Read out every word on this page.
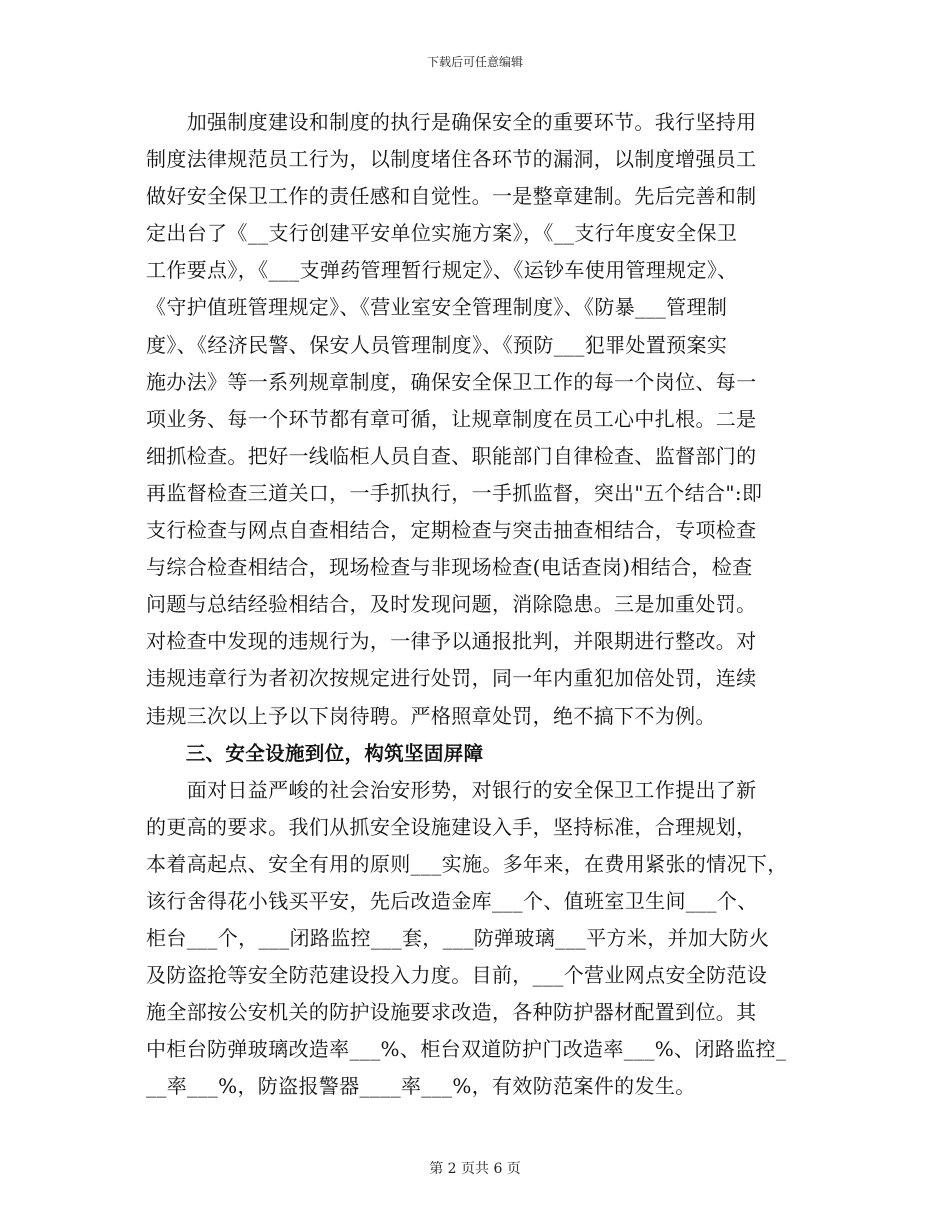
下载后可任意编辑
　　加强制度建设和制度的执行是确保安全的重要环节。我行坚持用
制度法律规范员工行为，以制度堵住各环节的漏洞，以制度增强员工
做好安全保卫工作的责任感和自觉性。一是整章建制。先后完善和制
定出台了《__支行创建平安单位实施方案》，《__支行年度安全保卫
工作要点》，《___支弹药管理暂行规定》、《运钞车使用管理规定》、
《守护值班管理规定》、《营业室安全管理制度》、《防暴___管理制
度》、《经济民警、保安人员管理制度》、《预防___犯罪处置预案实
施办法》等一系列规章制度，确保安全保卫工作的每一个岗位、每一
项业务、每一个环节都有章可循，让规章制度在员工心中扎根。二是
细抓检查。把好一线临柜人员自查、职能部门自律检查、监督部门的
再监督检查三道关口，一手抓执行，一手抓监督，突出"五个结合":即
支行检查与网点自查相结合，定期检查与突击抽查相结合，专项检查
与综合检查相结合，现场检查与非现场检查(电话查岗)相结合，检查
问题与总结经验相结合，及时发现问题，消除隐患。三是加重处罚。
对检查中发现的违规行为，一律予以通报批判，并限期进行整改。对
违规违章行为者初次按规定进行处罚，同一年内重犯加倍处罚，连续
违规三次以上予以下岗待聘。严格照章处罚，绝不搞下不为例。
　　三、安全设施到位，构筑坚固屏障
　　面对日益严峻的社会治安形势，对银行的安全保卫工作提出了新
的更高的要求。我们从抓安全设施建设入手，坚持标准，合理规划，
本着高起点、安全有用的原则___实施。多年来，在费用紧张的情况下，
该行舍得花小钱买平安，先后改造金库___个、值班室卫生间___个、
柜台___个，___闭路监控___套，___防弹玻璃___平方米，并加大防火
及防盗抢等安全防范建设投入力度。目前，___个营业网点安全防范设
施全部按公安机关的防护设施要求改造，各种防护器材配置到位。其
中柜台防弹玻璃改造率___%、柜台双道防护门改造率___%、闭路监控_
__率___%，防盗报警器____率___%，有效防范案件的发生。
第 2 页共 6 页
